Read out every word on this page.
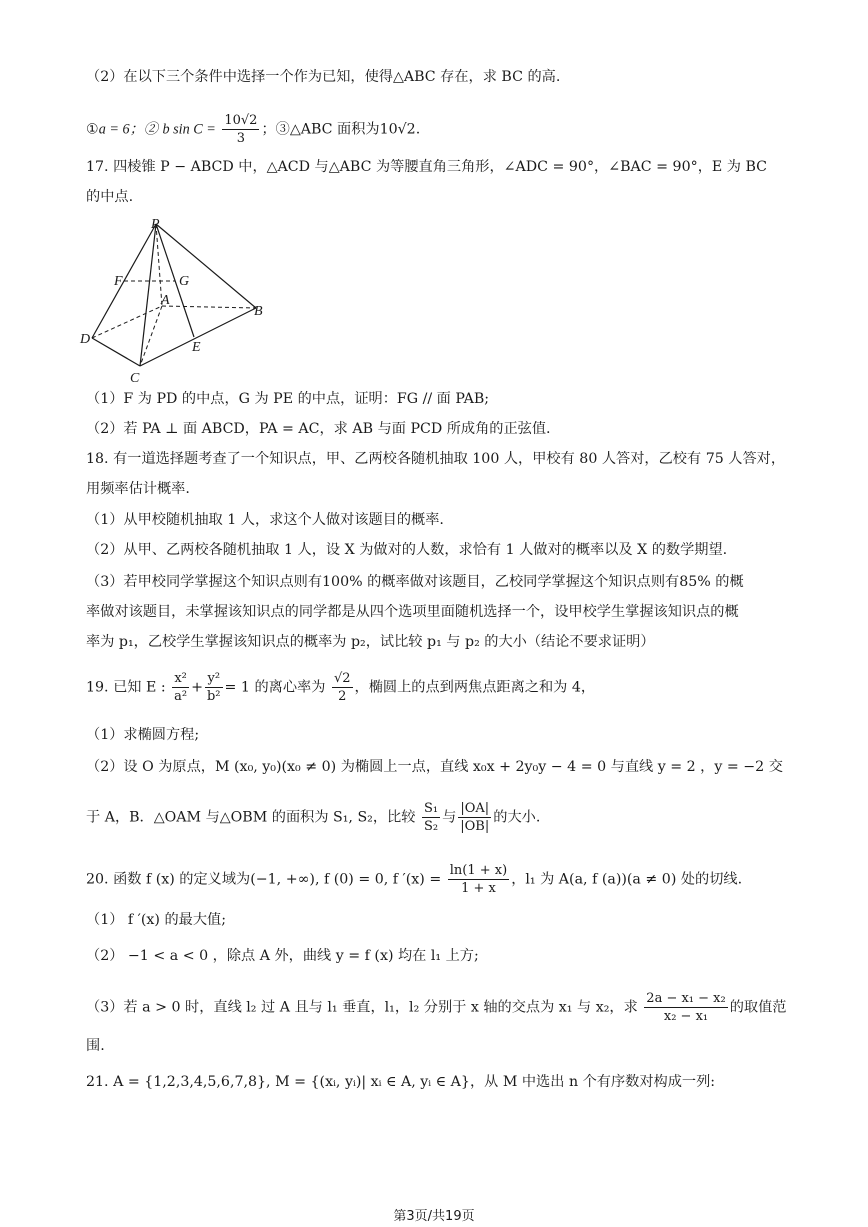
（2）在以下三个条件中选择一个作为已知，使得△ABC 存在，求 BC 的高.
①a = 6；② b $\sin C = \frac{10√2}{3}$ ；③△ABC 面积为10√2.
17. 四棱锥 P − ABCD 中，△ACD 与△ABC 为等腰直角三角形，∠ADC = 90°，∠BAC = 90°，E 为 BC
的中点.
P
F	G
A
B
D
E
C
（1）F 为 PD 的中点，G 为 PE 的中点，证明：FG // 面 PAB;
（2）若 PA ⊥ 面 ABCD，PA = AC，求 AB 与面 PCD 所成角的正弦值.
18. 有一道选择题考查了一个知识点，甲、乙两校各随机抽取 100 人，甲校有 80 人答对，乙校有 75 人答对，
用频率估计概率.
（1）从甲校随机抽取 1 人，求这个人做对该题目的概率.
（2）从甲、乙两校各随机抽取 1 人，设 X 为做对的人数，求恰有 1 人做对的概率以及 X 的数学期望.
（3）若甲校同学掌握这个知识点则有100% 的概率做对该题目，乙校同学掌握这个知识点则有85% 的概
率做对该题目，未掌握该知识点的同学都是从四个选项里面随机选择一个，设甲校学生掌握该知识点的概
率为 p₁，乙校学生掌握该知识点的概率为 p₂，试比较 p₁ 与 p₂ 的大小（结论不要求证明）
19. 已知 E : $\frac{\text{x²}}{\text{a²}} + \frac{\text{y²}}{\text{b²}} = 1$ 的离心率为 $\frac{√2}{2}$ ，椭圆上的点到两焦点距离之和为 4，
（1）求椭圆方程;
（2）设 O 为原点，M (x₀, y₀)(x₀ ≠ 0) 为椭圆上一点，直线 x₀x + 2y₀y − 4 = 0 与直线 y = 2 ，y = −2 交
于 A，B．△OAM 与△OBM 的面积为 S₁, S₂，比较 $\frac{\text{S₁}}{\text{S₂}}$ 与 $\frac{|OA|}{|OB|}$ 的大小.
20. 函数 f (x) 的定义域为(−1, +∞), f (0) = 0, f $'(x) = \frac{\ln(1 + x)}{1 + x}$ ，l₁ 为 A(a, f (a))(a ≠ 0) 处的切线.
（1） f ′(x) 的最大值;
（2） −1 < a < 0 ，除点 A 外，曲线 y = f (x) 均在 l₁ 上方;
（3）若 a > 0 时，直线 l₂ 过 A 且与 l₁ 垂直，l₁，l₂ 分别于 x 轴的交点为 x₁ 与 x₂，求 $\frac{\text{2a − x₁ − x₂}}{\text{x₂ − x₁}}$ 的取值范
围.
21. A = {1,2,3,4,5,6,7,8}, M = {(xᵢ, yᵢ)| xᵢ ∈ A, yᵢ ∈ A}，从 M 中选出 n 个有序数对构成一列:
第3页/共19页
